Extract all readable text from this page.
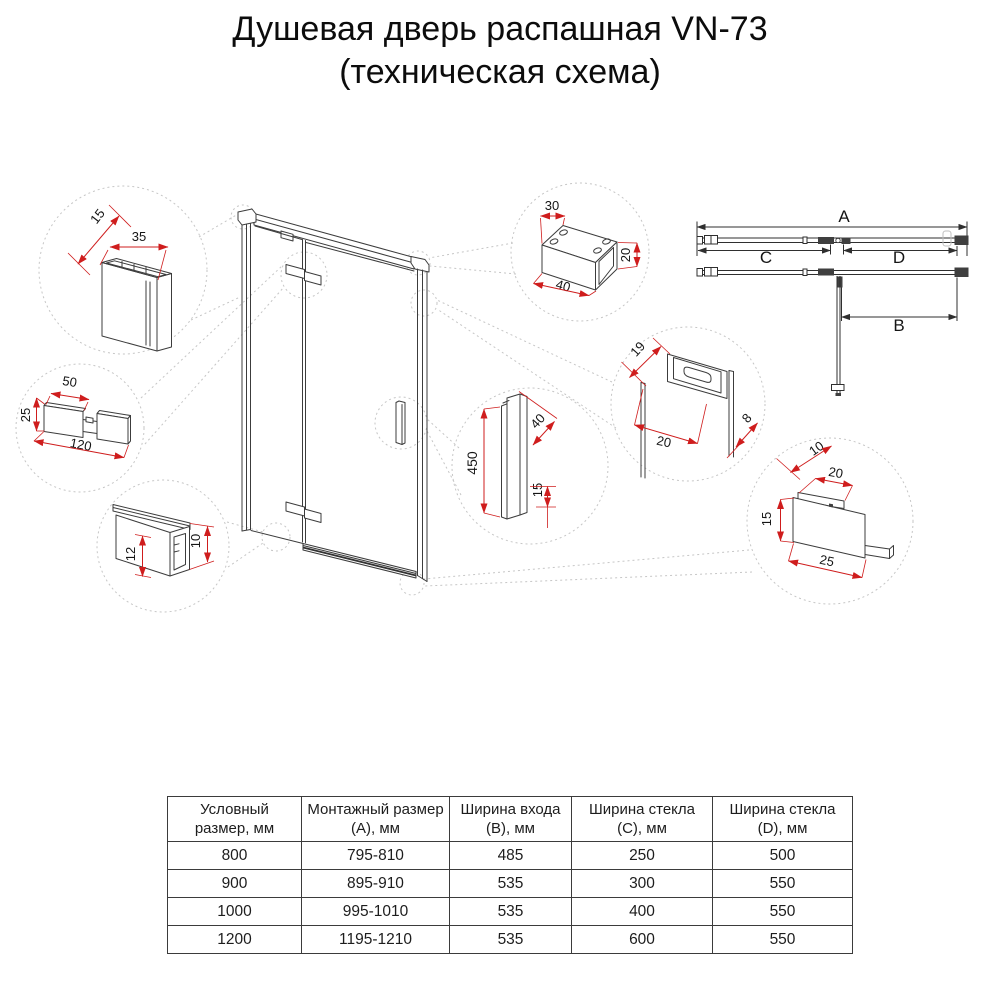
Душевая дверь распашная VN-73
(техническая схема)
35
15
50
25
120
12
10
30
40
20
450
40
15
19
20
8
10
20
15
25
A
C	D
B
Условный размер, мм	Монтажный размер (А), мм	Ширина входа (В), мм	Ширина стекла (С), мм	Ширина стекла (D), мм
800	795-810	485	250	500
900	895-910	535	300	550
1000	995-1010	535	400	550
1200	1195-1210	535	600	550
